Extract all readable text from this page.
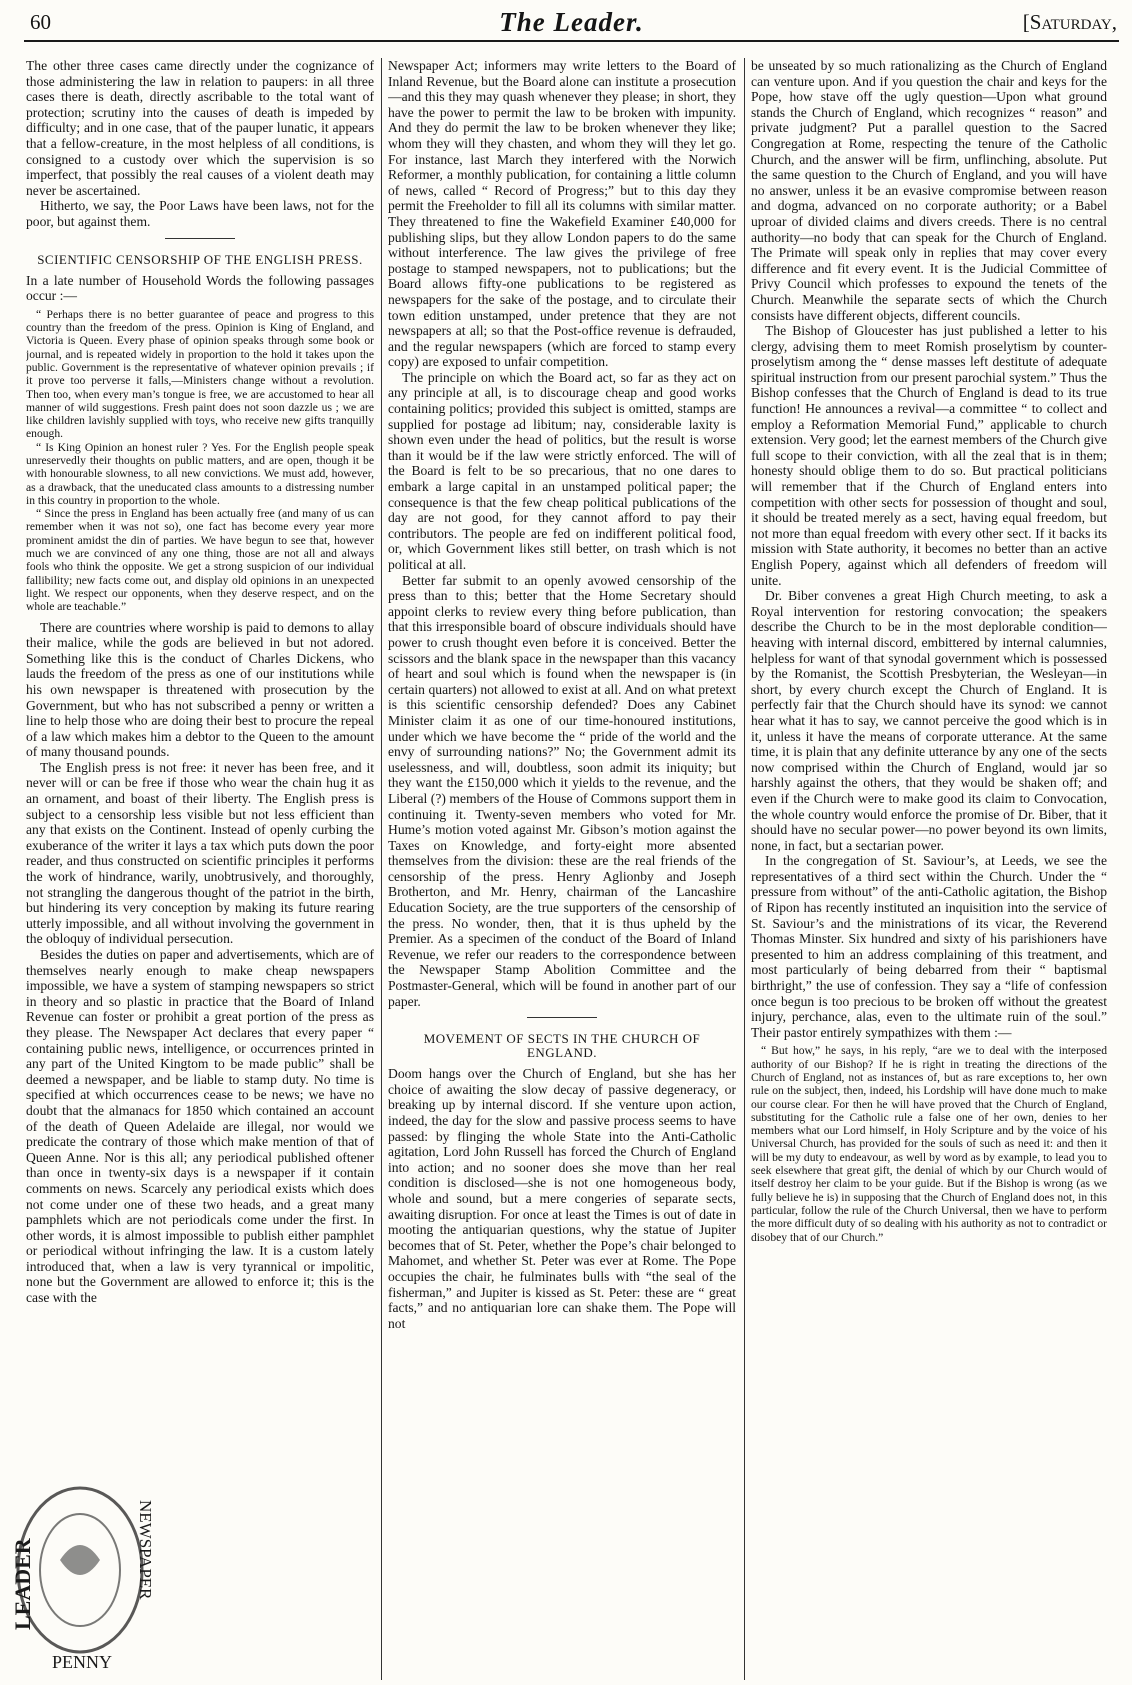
60	The Leader.	[Saturday,

The other three cases came directly under the cognizance of those administering the law in relation to paupers: in all three cases there is death, directly ascribable to the total want of protection; scrutiny into the causes of death is impeded by difficulty; and in one case, that of the pauper lunatic, it appears that a fellow-creature, in the most helpless of all conditions, is consigned to a custody over which the supervision is so imperfect, that possibly the real causes of a violent death may never be ascertained.

Hitherto, we say, the Poor Laws have been laws, not for the poor, but against them.

SCIENTIFIC CENSORSHIP OF THE ENGLISH PRESS.

In a late number of Household Words the following passages occur :—

“ Perhaps there is no better guarantee of peace and progress to this country than the freedom of the press. Opinion is King of England, and Victoria is Queen. Every phase of opinion speaks through some book or journal, and is repeated widely in proportion to the hold it takes upon the public. Government is the representative of whatever opinion prevails ; if it prove too perverse it falls,—Ministers change without a revolution. Then too, when every man’s tongue is free, we are accustomed to hear all manner of wild suggestions. Fresh paint does not soon dazzle us ; we are like children lavishly supplied with toys, who receive new gifts tranquilly enough.

“ Is King Opinion an honest ruler ? Yes. For the English people speak unreservedly their thoughts on public matters, and are open, though it be with honourable slowness, to all new convictions. We must add, however, as a drawback, that the uneducated class amounts to a distressing number in this country in proportion to the whole.

“ Since the press in England has been actually free (and many of us can remember when it was not so), one fact has become every year more prominent amidst the din of parties. We have begun to see that, however much we are convinced of any one thing, those are not all and always fools who think the opposite. We get a strong suspicion of our individual fallibility; new facts come out, and display old opinions in an unexpected light. We respect our opponents, when they deserve respect, and on the whole are teachable.”

There are countries where worship is paid to demons to allay their malice, while the gods are believed in but not adored. Something like this is the conduct of Charles Dickens, who lauds the freedom of the press as one of our institutions while his own newspaper is threatened with prosecution by the Government, but who has not subscribed a penny or written a line to help those who are doing their best to procure the repeal of a law which makes him a debtor to the Queen to the amount of many thousand pounds.

The English press is not free: it never has been free, and it never will or can be free if those who wear the chain hug it as an ornament, and boast of their liberty. The English press is subject to a censorship less visible but not less efficient than any that exists on the Continent. Instead of openly curbing the exuberance of the writer it lays a tax which puts down the poor reader, and thus constructed on scientific principles it performs the work of hindrance, warily, unobtrusively, and thoroughly, not strangling the dangerous thought of the patriot in the birth, but hindering its very conception by making its future rearing utterly impossible, and all without involving the government in the obloquy of individual persecution.

Besides the duties on paper and advertisements, which are of themselves nearly enough to make cheap newspapers impossible, we have a system of stamping newspapers so strict in theory and so plastic in practice that the Board of Inland Revenue can foster or prohibit a great portion of the press as they please. The Newspaper Act declares that every paper “ containing public news, intelligence, or occurrences printed in any part of the United Kingtom to be made public” shall be deemed a newspaper, and be liable to stamp duty. No time is specified at which occurrences cease to be news; we have no doubt that the almanacs for 1850 which contained an account of the death of Queen Adelaide are illegal, nor would we predicate the contrary of those which make mention of that of Queen Anne. Nor is this all; any periodical published oftener than once in twenty-six days is a newspaper if it contain comments on news. Scarcely any periodical exists which does not come under one of these two heads, and a great many pamphlets which are not periodicals come under the first. In other words, it is almost impossible to publish either pamphlet or periodical without infringing the law. It is a custom lately introduced that, when a law is very tyrannical or impolitic, none but the Government are allowed to enforce it; this is the case with the

Newspaper Act; informers may write letters to the Board of Inland Revenue, but the Board alone can institute a prosecution—and this they may quash whenever they please; in short, they have the power to permit the law to be broken with impunity. And they do permit the law to be broken whenever they like; whom they will they chasten, and whom they will they let go. For instance, last March they interfered with the Norwich Reformer, a monthly publication, for containing a little column of news, called “ Record of Progress;” but to this day they permit the Freeholder to fill all its columns with similar matter. They threatened to fine the Wakefield Examiner £40,000 for publishing slips, but they allow London papers to do the same without interference. The law gives the privilege of free postage to stamped newspapers, not to publications; but the Board allows fifty-one publications to be registered as newspapers for the sake of the postage, and to circulate their town edition unstamped, under pretence that they are not newspapers at all; so that the Post-office revenue is defrauded, and the regular newspapers (which are forced to stamp every copy) are exposed to unfair competition.

The principle on which the Board act, so far as they act on any principle at all, is to discourage cheap and good works containing politics; provided this subject is omitted, stamps are supplied for postage ad libitum; nay, considerable laxity is shown even under the head of politics, but the result is worse than it would be if the law were strictly enforced. The will of the Board is felt to be so precarious, that no one dares to embark a large capital in an unstamped political paper; the consequence is that the few cheap political publications of the day are not good, for they cannot afford to pay their contributors. The people are fed on indifferent political food, or, which Government likes still better, on trash which is not political at all.

Better far submit to an openly avowed censorship of the press than to this; better that the Home Secretary should appoint clerks to review every thing before publication, than that this irresponsible board of obscure individuals should have power to crush thought even before it is conceived. Better the scissors and the blank space in the newspaper than this vacancy of heart and soul which is found when the newspaper is (in certain quarters) not allowed to exist at all. And on what pretext is this scientific censorship defended? Does any Cabinet Minister claim it as one of our time-honoured institutions, under which we have become the “ pride of the world and the envy of surrounding nations?” No; the Government admit its uselessness, and will, doubtless, soon admit its iniquity; but they want the £150,000 which it yields to the revenue, and the Liberal (?) members of the House of Commons support them in continuing it. Twenty-seven members who voted for Mr. Hume’s motion voted against Mr. Gibson’s motion against the Taxes on Knowledge, and forty-eight more absented themselves from the division: these are the real friends of the censorship of the press. Henry Aglionby and Joseph Brotherton, and Mr. Henry, chairman of the Lancashire Education Society, are the true supporters of the censorship of the press. No wonder, then, that it is thus upheld by the Premier. As a specimen of the conduct of the Board of Inland Revenue, we refer our readers to the correspondence between the Newspaper Stamp Abolition Committee and the Postmaster-General, which will be found in another part of our paper.

MOVEMENT OF SECTS IN THE CHURCH OF ENGLAND.

Doom hangs over the Church of England, but she has her choice of awaiting the slow decay of passive degeneracy, or breaking up by internal discord. If she venture upon action, indeed, the day for the slow and passive process seems to have passed: by flinging the whole State into the Anti-Catholic agitation, Lord John Russell has forced the Church of England into action; and no sooner does she move than her real condition is disclosed—she is not one homogeneous body, whole and sound, but a mere congeries of separate sects, awaiting disruption. For once at least the Times is out of date in mooting the antiquarian questions, why the statue of Jupiter becomes that of St. Peter, whether the Pope’s chair belonged to Mahomet, and whether St. Peter was ever at Rome. The Pope occupies the chair, he fulminates bulls with “the seal of the fisherman,” and Jupiter is kissed as St. Peter: these are “ great facts,” and no antiquarian lore can shake them. The Pope will not

be unseated by so much rationalizing as the Church of England can venture upon. And if you question the chair and keys for the Pope, how stave off the ugly question—Upon what ground stands the Church of England, which recognizes “ reason” and private judgment? Put a parallel question to the Sacred Congregation at Rome, respecting the tenure of the Catholic Church, and the answer will be firm, unflinching, absolute. Put the same question to the Church of England, and you will have no answer, unless it be an evasive compromise between reason and dogma, advanced on no corporate authority; or a Babel uproar of divided claims and divers creeds. There is no central authority—no body that can speak for the Church of England. The Primate will speak only in replies that may cover every difference and fit every event. It is the Judicial Committee of Privy Council which professes to expound the tenets of the Church. Meanwhile the separate sects of which the Church consists have different objects, different councils.

The Bishop of Gloucester has just published a letter to his clergy, advising them to meet Romish proselytism by counter-proselytism among the “ dense masses left destitute of adequate spiritual instruction from our present parochial system.” Thus the Bishop confesses that the Church of England is dead to its true function! He announces a revival—a committee “ to collect and employ a Reformation Memorial Fund,” applicable to church extension. Very good; let the earnest members of the Church give full scope to their conviction, with all the zeal that is in them; honesty should oblige them to do so. But practical politicians will remember that if the Church of England enters into competition with other sects for possession of thought and soul, it should be treated merely as a sect, having equal freedom, but not more than equal freedom with every other sect. If it backs its mission with State authority, it becomes no better than an active English Popery, against which all defenders of freedom will unite.

Dr. Biber convenes a great High Church meeting, to ask a Royal intervention for restoring convocation; the speakers describe the Church to be in the most deplorable condition—heaving with internal discord, embittered by internal calumnies, helpless for want of that synodal government which is possessed by the Romanist, the Scottish Presbyterian, the Wesleyan—in short, by every church except the Church of England. It is perfectly fair that the Church should have its synod: we cannot hear what it has to say, we cannot perceive the good which is in it, unless it have the means of corporate utterance. At the same time, it is plain that any definite utterance by any one of the sects now comprised within the Church of England, would jar so harshly against the others, that they would be shaken off; and even if the Church were to make good its claim to Convocation, the whole country would enforce the promise of Dr. Biber, that it should have no secular power—no power beyond its own limits, none, in fact, but a sectarian power.

In the congregation of St. Saviour’s, at Leeds, we see the representatives of a third sect within the Church. Under the “ pressure from without” of the anti-Catholic agitation, the Bishop of Ripon has recently instituted an inquisition into the service of St. Saviour’s and the ministrations of its vicar, the Reverend Thomas Minster. Six hundred and sixty of his parishioners have presented to him an address complaining of this treatment, and most particularly of being debarred from their “ baptismal birthright,” the use of confession. They say a “life of confession once begun is too precious to be broken off without the greatest injury, perchance, alas, even to the ultimate ruin of the soul.” Their pastor entirely sympathizes with them :—

“ But how,” he says, in his reply, “are we to deal with the interposed authority of our Bishop? If he is right in treating the directions of the Church of England, not as instances of, but as rare exceptions to, her own rule on the subject, then, indeed, his Lordship will have done much to make our course clear. For then he will have proved that the Church of England, substituting for the Catholic rule a false one of her own, denies to her members what our Lord himself, in Holy Scripture and by the voice of his Universal Church, has provided for the souls of such as need it: and then it will be my duty to endeavour, as well by word as by example, to lead you to seek elsewhere that great gift, the denial of which by our Church would of itself destroy her claim to be your guide. But if the Bishop is wrong (as we fully believe he is) in supposing that the Church of England does not, in this particular, follow the rule of the Church Universal, then we have to perform the more difficult duty of so dealing with his authority as not to contradict or disobey that of our Church.”

LEADER	NEWSPAPER
PENNY
